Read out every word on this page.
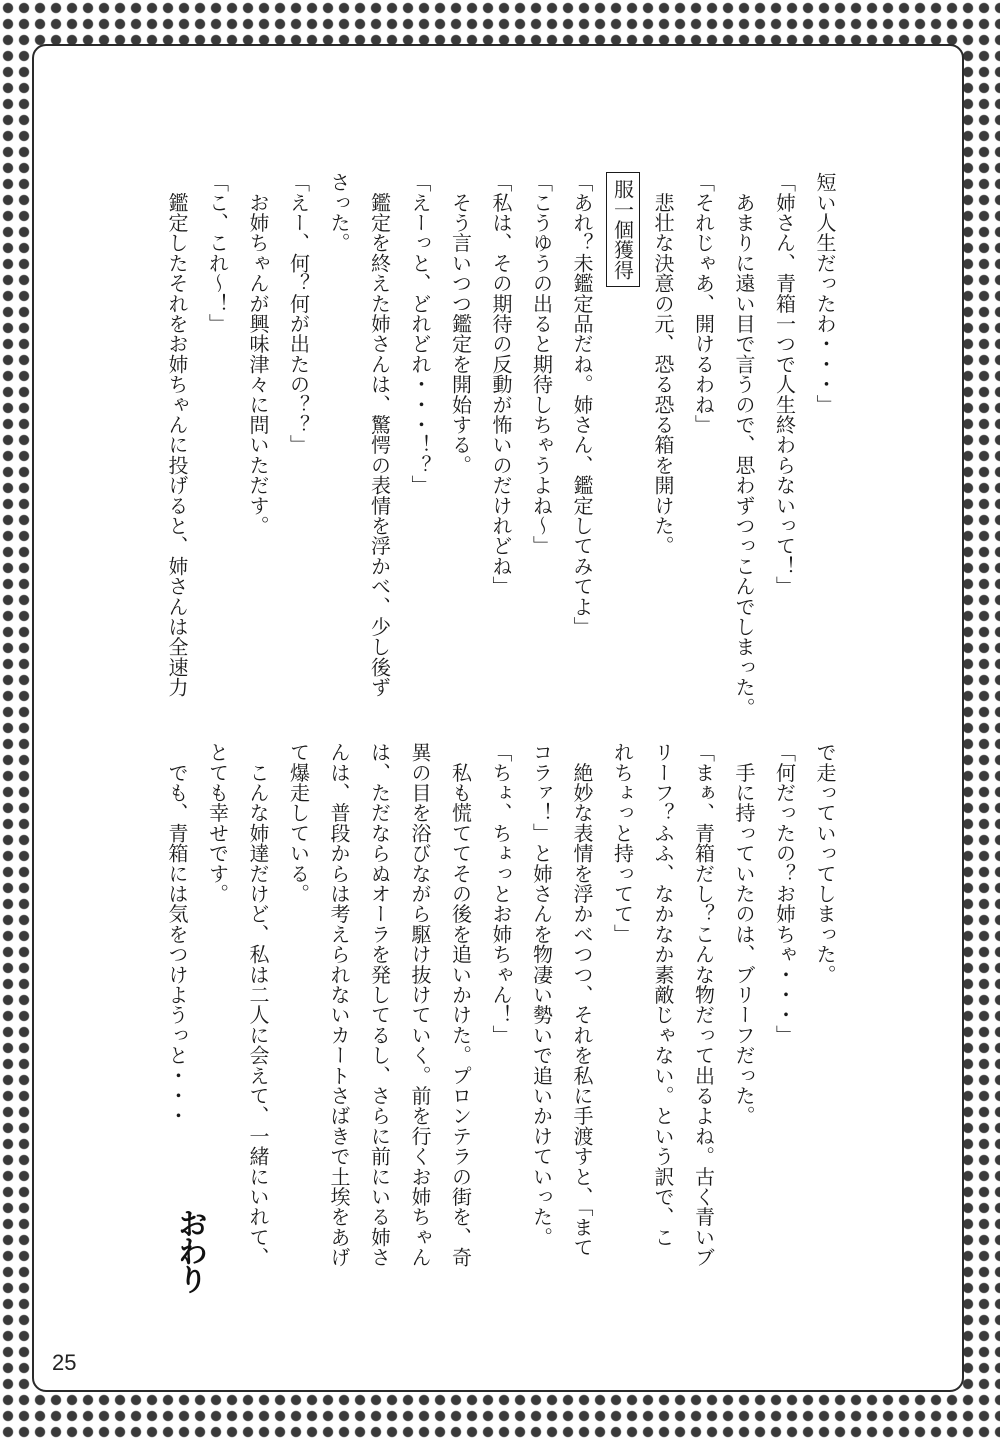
短い人生だったわ・・・」
「姉さん、青箱一つで人生終わらないって！」
　あまりに遠い目で言うので、思わずつっこんでしまった。
「それじゃあ、開けるわね」
　悲壮な決意の元、恐る恐る箱を開けた。
服一個獲得
「あれ？未鑑定品だね。姉さん、鑑定してみてよ」
「こうゆうの出ると期待しちゃうよね～」
「私は、その期待の反動が怖いのだけれどね」
　そう言いつつ鑑定を開始する。
「えーっと、どれどれ・・・！？」
　鑑定を終えた姉さんは、驚愕の表情を浮かべ、少し後ず
さった。
「えー、何？何が出たの？？」
　お姉ちゃんが興味津々に問いただす。
「こ、これ～！」
　鑑定したそれをお姉ちゃんに投げると、姉さんは全速力
で走っていってしまった。
「何だったの？お姉ちゃ・・・」
　手に持っていたのは、ブリーフだった。
「まぁ、青箱だし？こんな物だって出るよね。古く青いブ
リーフ？ふふ、なかなか素敵じゃない。という訳で、こ
れちょっと持ってて」
　絶妙な表情を浮かべつつ、それを私に手渡すと、「まて
コラァ！」と姉さんを物凄い勢いで追いかけていった。
「ちょ、ちょっとお姉ちゃん！」
　私も慌ててその後を追いかけた。プロンテラの街を、奇
異の目を浴びながら駆け抜けていく。前を行くお姉ちゃん
は、ただならぬオーラを発してるし、さらに前にいる姉さ
んは、普段からは考えられないカートさばきで土埃をあげ
て爆走している。
　こんな姉達だけど、私は二人に会えて、一緒にいれて、
とても幸せです。
　でも、青箱には気をつけようっと・・・
おわり
25
